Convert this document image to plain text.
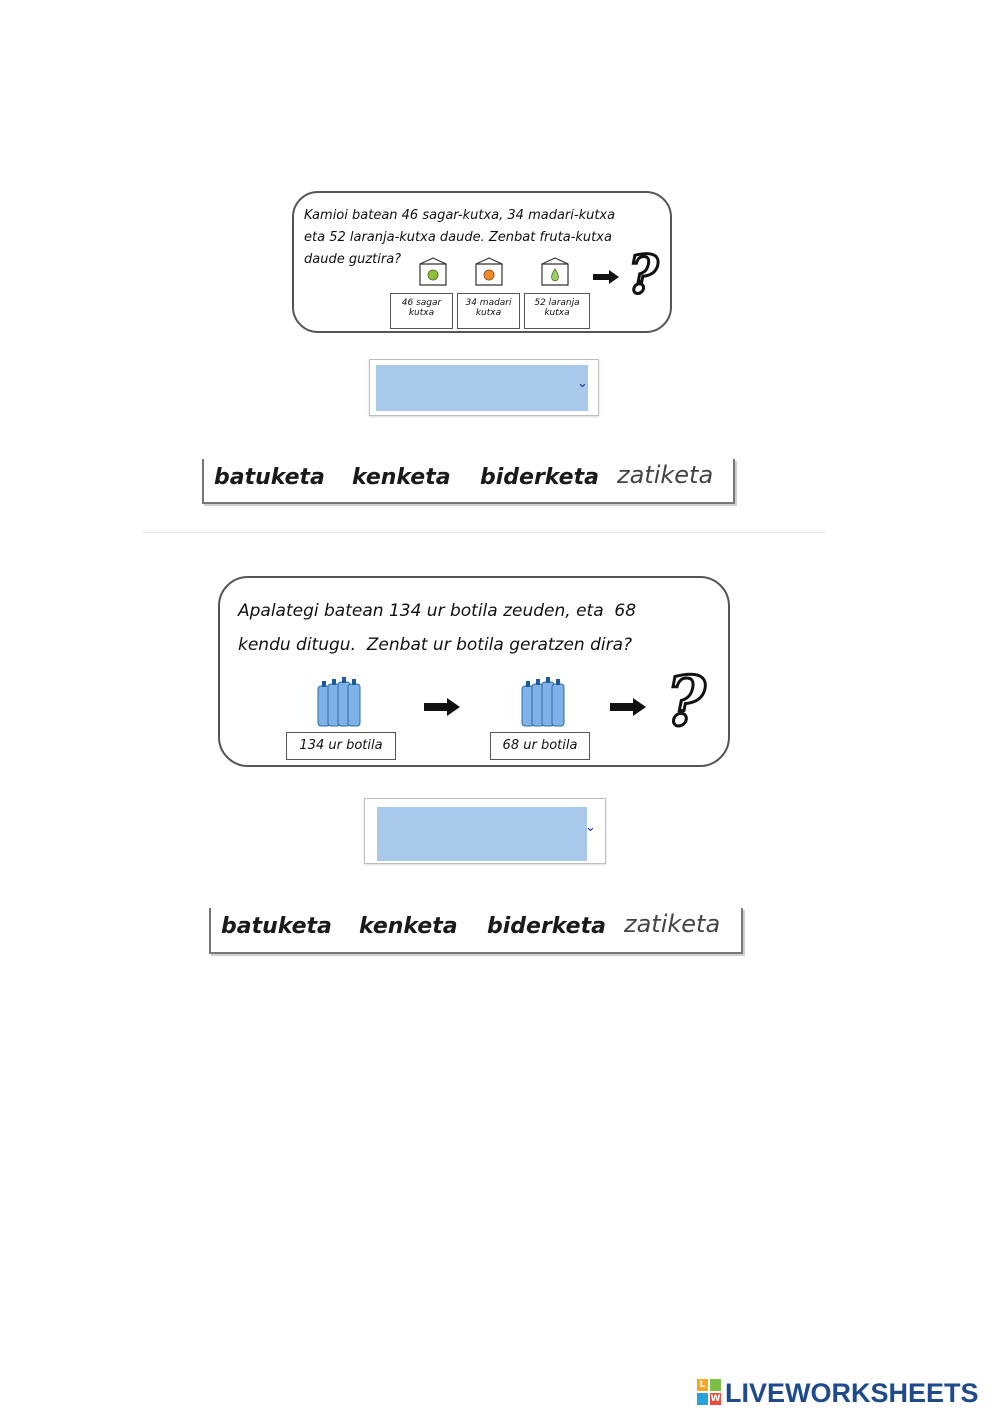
Kamioi batean 46 sagar-kutxa, 34 madari-kutxa
eta 52 laranja-kutxa daude. Zenbat fruta-kutxa
daude guztira?	?
46 sagar kutxa
34 madari kutxa
52 laranja kutxa
⌄
batuketa kenketa biderketa zatiketa
Apalategi batean 134 ur botila zeuden, eta  68
kendu ditugu.  Zenbat ur botila geratzen dira?
?
134 ur botila	68 ur botila
⌄
batuketa kenketa biderketa zatiketa
L
W LIVEWORKSHEETS
